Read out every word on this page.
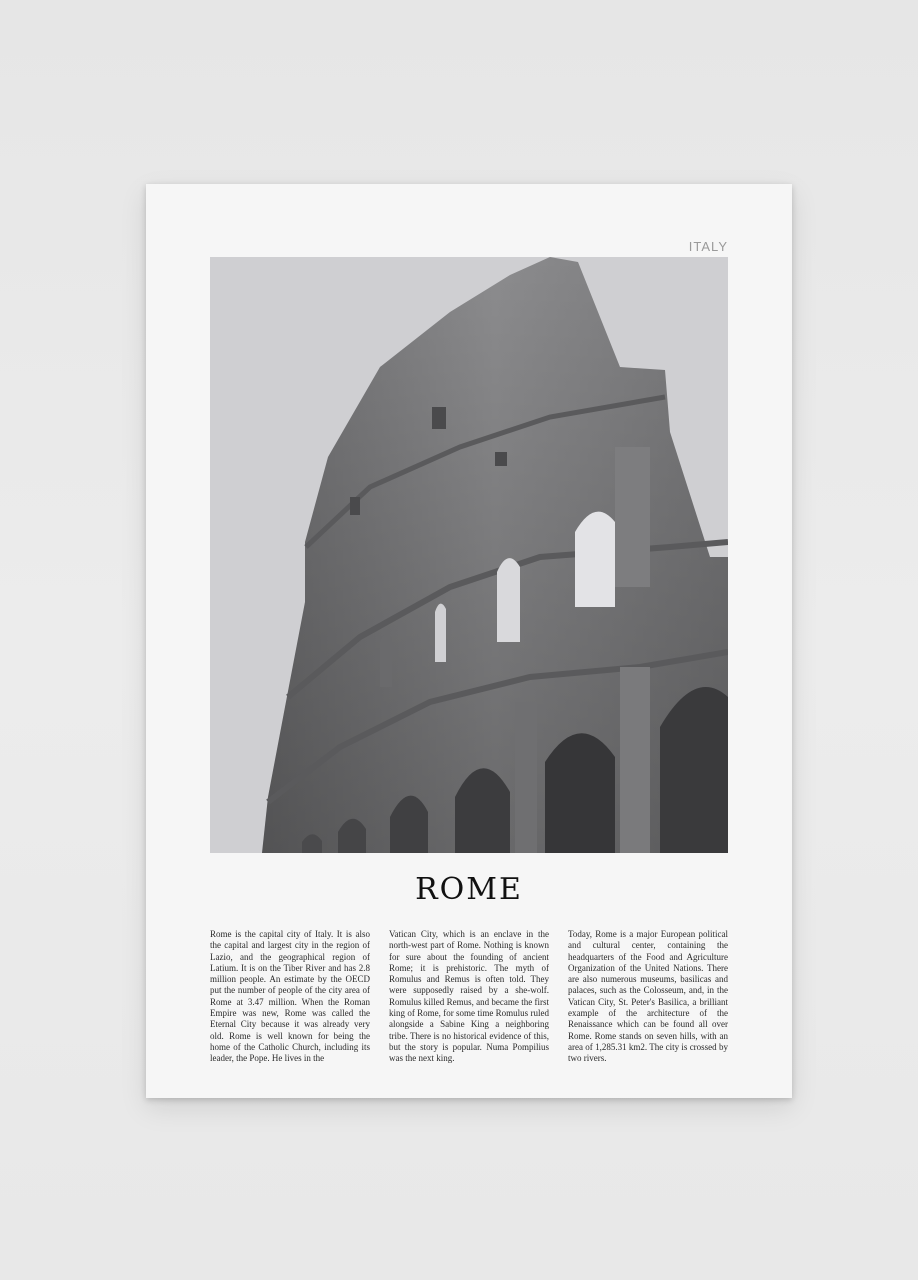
ITALY
ROME
Rome is the capital city of Italy. It is also the capital and largest city in the region of Lazio, and the geographical region of Latium. It is on the Tiber River and has 2.8 million people. An estimate by the OECD put the number of people of the city area of Rome at 3.47 million. When the Roman Empire was new, Rome was called the Eternal City because it was already very old. Rome is well known for being the home of the Catholic Church, including its leader, the Pope. He lives in the
Vatican City, which is an enclave in the north-west part of Rome. Nothing is known for sure about the founding of ancient Rome; it is prehistoric. The myth of Romulus and Remus is often told. They were supposedly raised by a she-wolf. Romulus killed Remus, and became the first king of Rome, for some time Romulus ruled alongside a Sabine King a neighboring tribe. There is no historical evidence of this, but the story is popular. Numa Pompilius was the next king.
Today, Rome is a major European political and cultural center, containing the headquarters of the Food and Agriculture Organization of the United Nations. There are also numerous museums, basilicas and palaces, such as the Colosseum, and, in the Vatican City, St. Peter's Basilica, a brilliant example of the architecture of the Renaissance which can be found all over Rome. Rome stands on seven hills, with an area of 1,285.31 km2. The city is crossed by two rivers.
